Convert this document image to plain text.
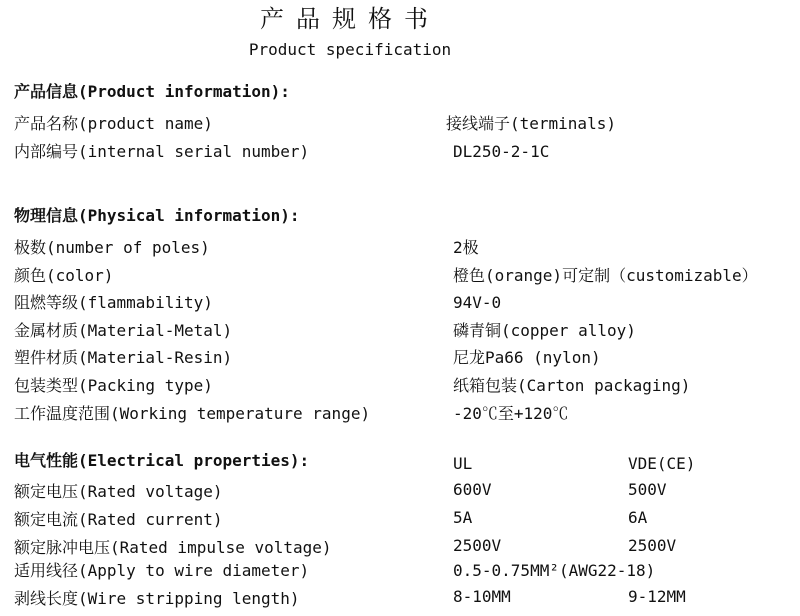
产品规格书
Product specification
产品信息(Product information):
产品名称(product name)	接线端子(terminals)
内部编号(internal serial number)	DL250-2-1C
物理信息(Physical information):
极数(number of poles)	2极
颜色(color)	橙色(orange)可定制（customizable）
阻燃等级(flammability)	94V-0
金属材质(Material-Metal)	磷青铜(copper alloy)
塑件材质(Material-Resin)	尼龙Pa66 (nylon)
包装类型(Packing type)	纸箱包装(Carton packaging)
工作温度范围(Working temperature range)	-20℃至+120℃
电气性能(Electrical properties):	UL	VDE(CE)
额定电压(Rated voltage)	600V	500V
额定电流(Rated current)	5A	6A
额定脉冲电压(Rated impulse voltage)	2500V	2500V
适用线径(Apply to wire diameter)	0.5-0.75MM²(AWG22-18)
剥线长度(Wire stripping length)	8-10MM	9-12MM
